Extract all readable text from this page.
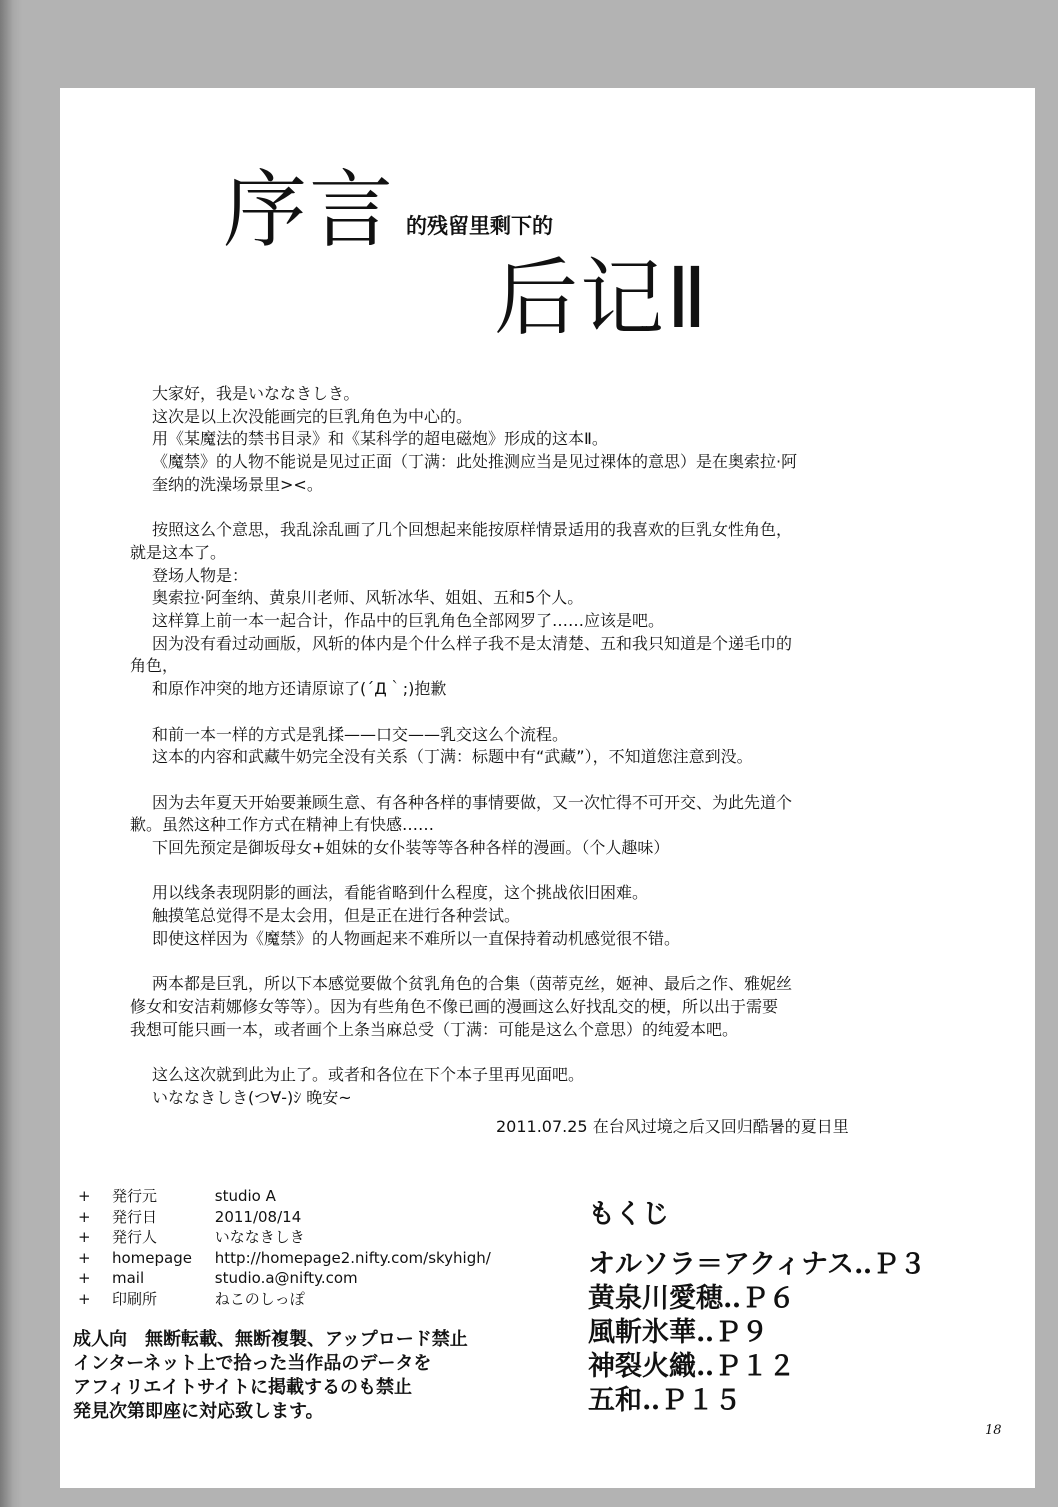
序言 的残留里剩下的
后记Ⅱ
大家好，我是いななきしき。
这次是以上次没能画完的巨乳角色为中心的。
用《某魔法的禁书目录》和《某科学的超电磁炮》形成的这本Ⅱ。
《魔禁》的人物不能说是见过正面（丁满：此处推测应当是见过裸体的意思）是在奥索拉·阿
奎纳的洗澡场景里><。
按照这么个意思，我乱涂乱画了几个回想起来能按原样情景适用的我喜欢的巨乳女性角色，
就是这本了。
登场人物是：
奥索拉·阿奎纳、黄泉川老师、风斩冰华、姐姐、五和5个人。
这样算上前一本一起合计，作品中的巨乳角色全部网罗了……应该是吧。
因为没有看过动画版，风斩的体内是个什么样子我不是太清楚、五和我只知道是个递毛巾的
角色，
和原作冲突的地方还请原谅了(´Д｀;)抱歉
和前一本一样的方式是乳揉——口交——乳交这么个流程。
这本的内容和武藏牛奶完全没有关系（丁满：标题中有“武藏”），不知道您注意到没。
因为去年夏天开始要兼顾生意、有各种各样的事情要做，又一次忙得不可开交、为此先道个
歉。虽然这种工作方式在精神上有快感……
下回先预定是御坂母女+姐妹的女仆装等等各种各样的漫画。（个人趣味）
用以线条表现阴影的画法，看能省略到什么程度，这个挑战依旧困难。
触摸笔总觉得不是太会用，但是正在进行各种尝试。
即使这样因为《魔禁》的人物画起来不难所以一直保持着动机感觉很不错。
两本都是巨乳，所以下本感觉要做个贫乳角色的合集（茵蒂克丝，姬神、最后之作、雅妮丝
修女和安洁莉娜修女等等）。因为有些角色不像已画的漫画这么好找乱交的梗，所以出于需要
我想可能只画一本，或者画个上条当麻总受（丁满：可能是这么个意思）的纯爱本吧。
这么这次就到此为止了。或者和各位在下个本子里再见面吧。
いななきしき(つ∀-)ｼ 晚安~
2011.07.25 在台风过境之后又回归酷暑的夏日里
+ 発行元	studio A
+ 発行日	2011/08/14
+ 発行人	いななきしき
+ homepage http://homepage2.nifty.com/skyhigh/
+ mail	studio.a@nifty.com
+ 印刷所	ねこのしっぽ
成人向　無断転載、無断複製、アップロード禁止
インターネット上で拾った当作品のデータを
アフィリエイトサイトに掲載するのも禁止
発見次第即座に対応致します。
もくじ
オルソラ＝アクィナス‥Ｐ３
黄泉川愛穂‥Ｐ６
風斬氷華‥Ｐ９
神裂火織‥Ｐ１２
五和‥Ｐ１５
18
